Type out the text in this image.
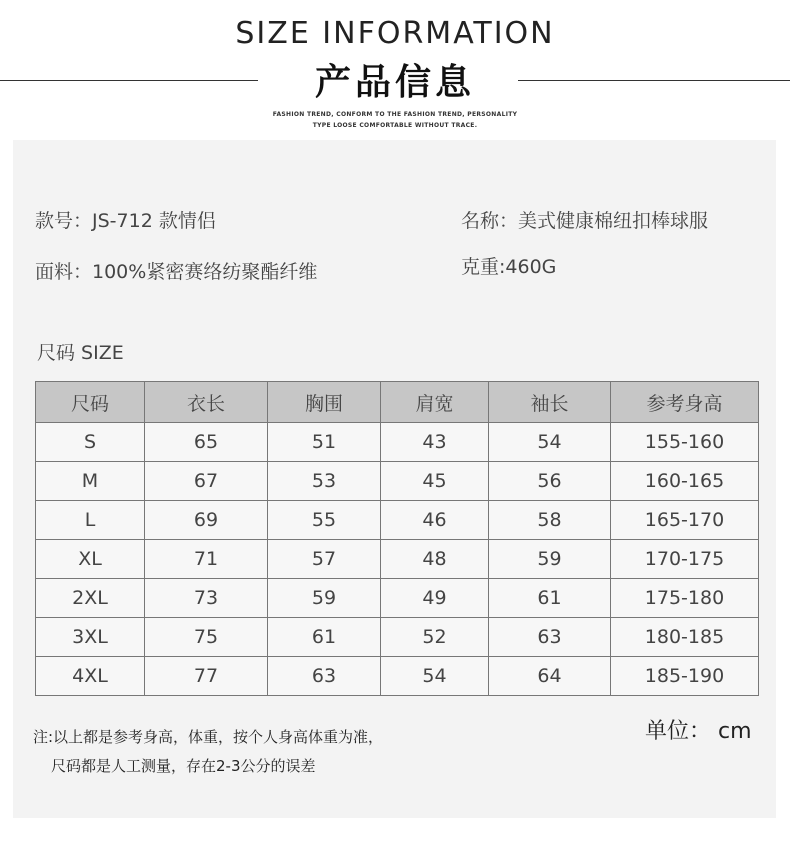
SIZE INFORMATION
产品信息
FASHION TREND, CONFORM TO THE FASHION TREND, PERSONALITY
TYPE LOOSE COMFORTABLE WITHOUT TRACE.
款号：JS-712 款情侣	名称：美式健康棉纽扣棒球服
面料：100%紧密赛络纺聚酯纤维	克重:460G
尺码 SIZE
尺码	衣长	胸围	肩宽	袖长	参考身高
S	65	51	43	54	155-160
M	67	53	45	56	160-165
L	69	55	46	58	165-170
XL	71	57	48	59	170-175
2XL	73	59	49	61	175-180
3XL	75	61	52	63	180-185
4XL	77	63	54	64	185-190
单位： cm
注:以上都是参考身高，体重，按个人身高体重为准，
尺码都是人工测量，存在2-3公分的误差
